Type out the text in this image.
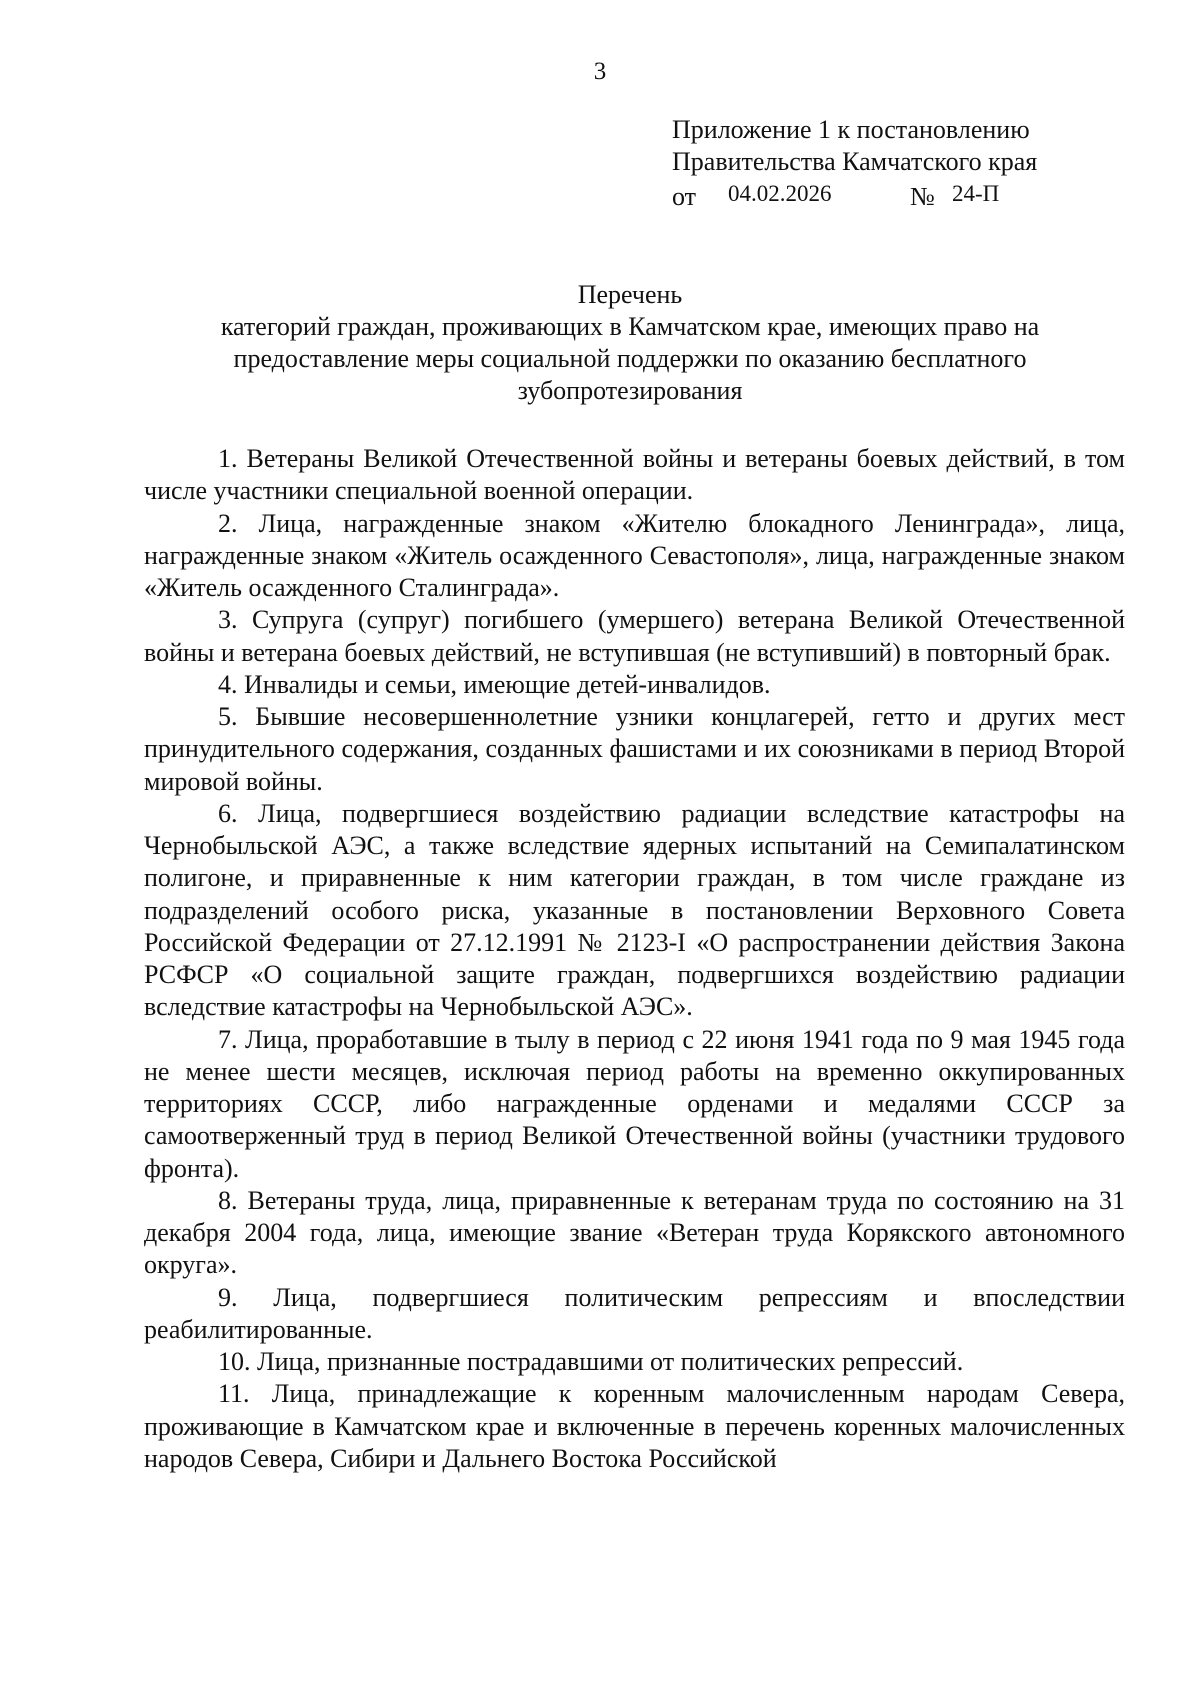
3
Приложение 1 к постановлению
Правительства Камчатского края
от 04.02.2026	№ 24-П
Перечень
категорий граждан, проживающих в Камчатском крае, имеющих право на
предоставление меры социальной поддержки по оказанию бесплатного
зубопротезирования

1. Ветераны Великой Отечественной войны и ветераны боевых действий, в том числе участники специальной военной операции.

2. Лица, награжденные знаком «Жителю блокадного Ленинграда», лица, награжденные знаком «Житель осажденного Севастополя», лица, награжденные знаком «Житель осажденного Сталинграда».

3. Супруга (супруг) погибшего (умершего) ветерана Великой Отечественной войны и ветерана боевых действий, не вступившая (не вступивший) в повторный брак.

4. Инвалиды и семьи, имеющие детей-инвалидов.

5. Бывшие несовершеннолетние узники концлагерей, гетто и других мест принудительного содержания, созданных фашистами и их союзниками в период Второй мировой войны.

6. Лица, подвергшиеся воздействию радиации вследствие катастрофы на Чернобыльской АЭС, а также вследствие ядерных испытаний на Семипалатинском полигоне, и приравненные к ним категории граждан, в том числе граждане из подразделений особого риска, указанные в постановлении Верховного Совета Российской Федерации от 27.12.1991 № 2123-I «О распространении действия Закона РСФСР «О социальной защите граждан, подвергшихся воздействию радиации вследствие катастрофы на Чернобыльской АЭС».

7. Лица, проработавшие в тылу в период с 22 июня 1941 года по 9 мая 1945 года не менее шести месяцев, исключая период работы на временно оккупированных территориях СССР, либо награжденные орденами и медалями СССР за самоотверженный труд в период Великой Отечественной войны (участники трудового фронта).

8. Ветераны труда, лица, приравненные к ветеранам труда по состоянию на 31 декабря 2004 года, лица, имеющие звание «Ветеран труда Корякского автономного округа».

9. Лица, подвергшиеся политическим репрессиям и впоследствии реабилитированные.

10. Лица, признанные пострадавшими от политических репрессий.

11. Лица, принадлежащие к коренным малочисленным народам Севера, проживающие в Камчатском крае и включенные в перечень коренных малочисленных народов Севера, Сибири и Дальнего Востока Российской
